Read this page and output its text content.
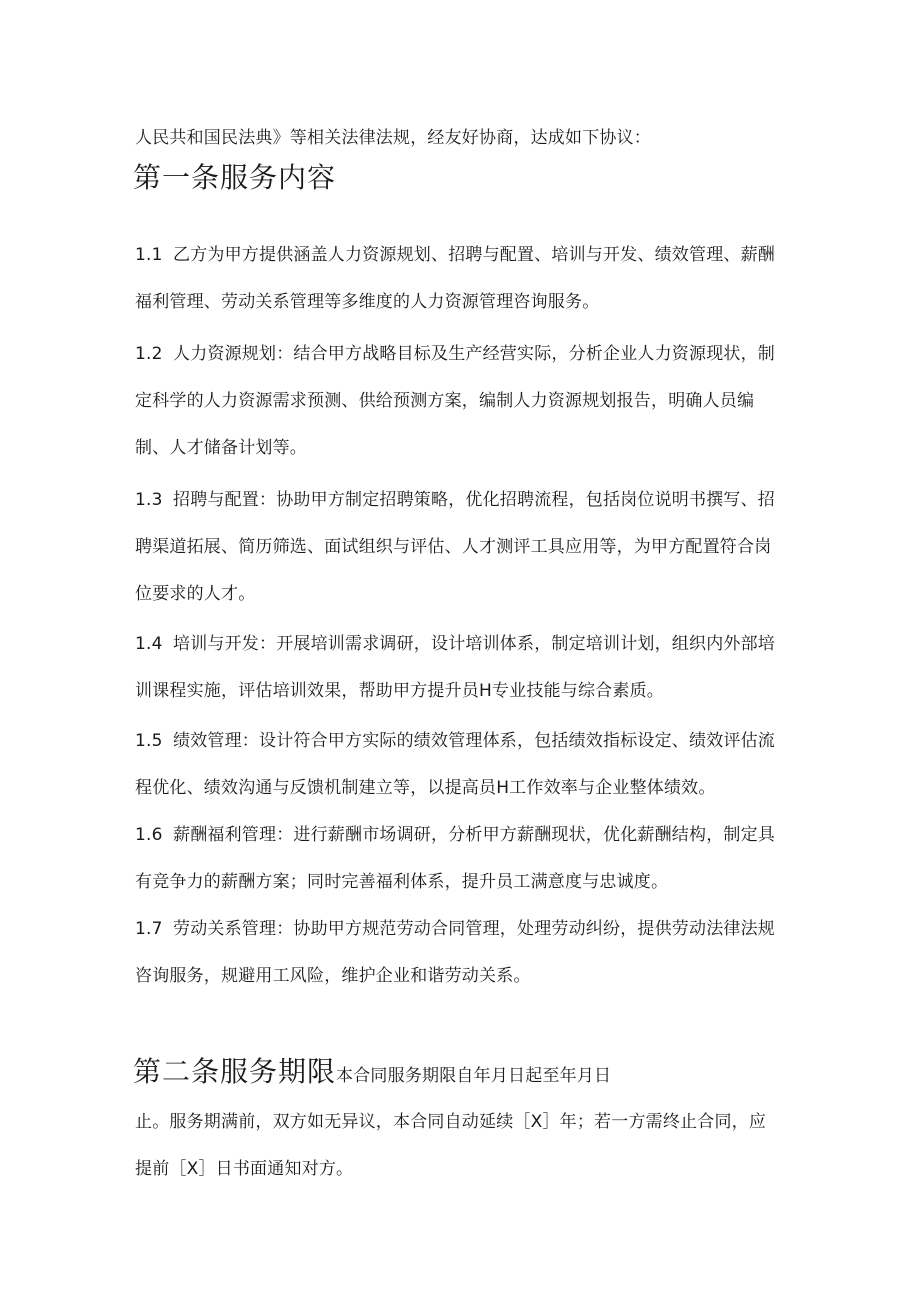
人民共和国民法典》等相关法律法规，经友好协商，达成如下协议：
第一条服务内容
1.1 乙方为甲方提供涵盖人力资源规划、招聘与配置、培训与开发、绩效管理、薪酬
福利管理、劳动关系管理等多维度的人力资源管理咨询服务。
1.2 人力资源规划：结合甲方战略目标及生产经营实际，分析企业人力资源现状，制
定科学的人力资源需求预测、供给预测方案，编制人力资源规划报告，明确人员编
制、人才储备计划等。
1.3 招聘与配置：协助甲方制定招聘策略，优化招聘流程，包括岗位说明书撰写、招
聘渠道拓展、简历筛选、面试组织与评估、人才测评工具应用等，为甲方配置符合岗
位要求的人才。
1.4 培训与开发：开展培训需求调研，设计培训体系，制定培训计划，组织内外部培
训课程实施，评估培训效果，帮助甲方提升员H专业技能与综合素质。
1.5 绩效管理：设计符合甲方实际的绩效管理体系，包括绩效指标设定、绩效评估流
程优化、绩效沟通与反馈机制建立等，以提高员H工作效率与企业整体绩效。
1.6 薪酬福利管理：进行薪酬市场调研，分析甲方薪酬现状，优化薪酬结构，制定具
有竞争力的薪酬方案；同时完善福利体系，提升员工满意度与忠诚度。
1.7 劳动关系管理：协助甲方规范劳动合同管理，处理劳动纠纷，提供劳动法律法规
咨询服务，规避用工风险，维护企业和谐劳动关系。
第二条服务期限本合同服务期限自年月日起至年月日
止。服务期满前，双方如无异议，本合同自动延续［X］年；若一方需终止合同，应
提前［X］日书面通知对方。
